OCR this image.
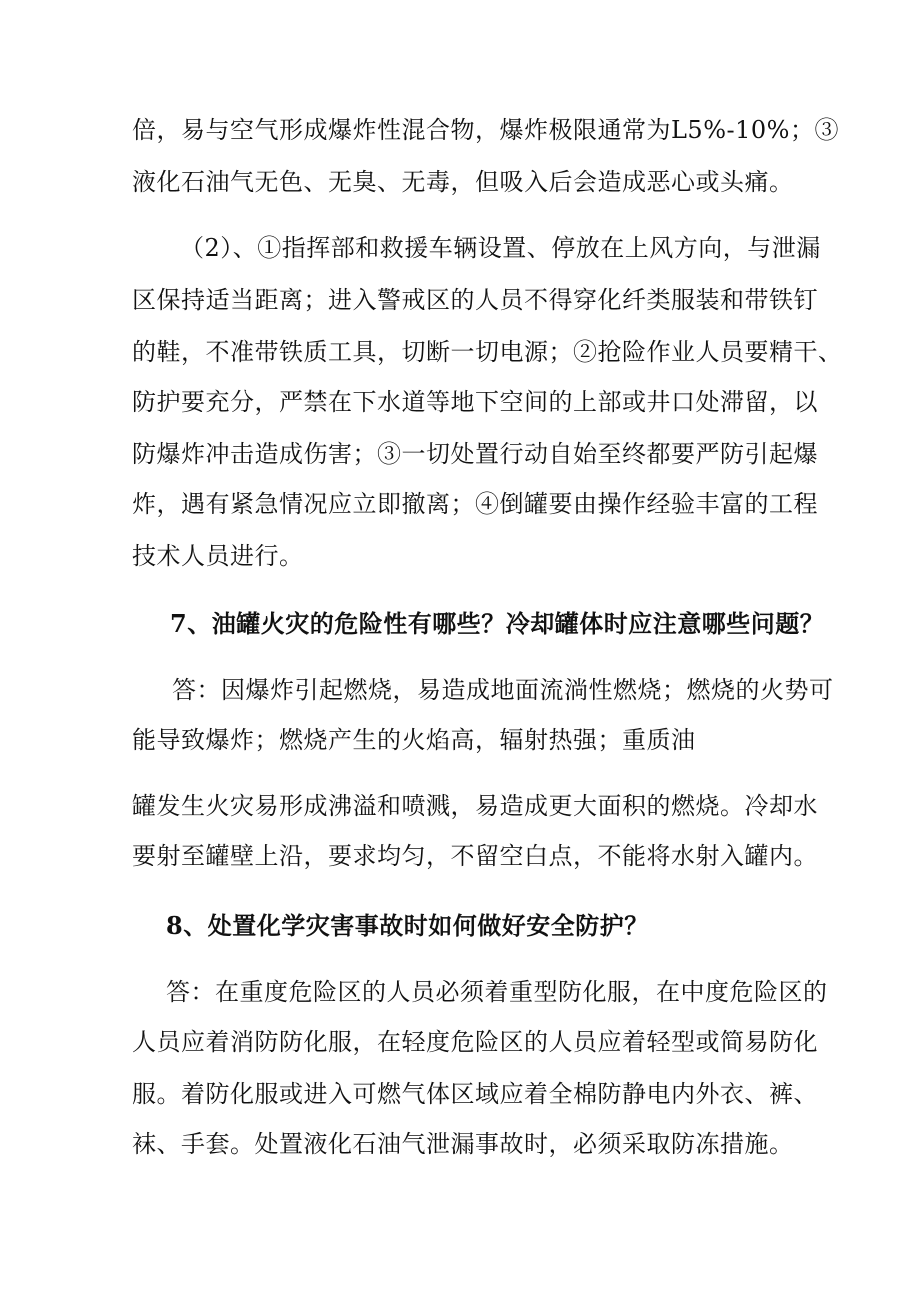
倍，易与空气形成爆炸性混合物，爆炸极限通常为L5%-10%；③
液化石油气无色、无臭、无毒，但吸入后会造成恶心或头痛。
（2）、①指挥部和救援车辆设置、停放在上风方向，与泄漏
区保持适当距离；进入警戒区的人员不得穿化纤类服装和带铁钉
的鞋，不准带铁质工具，切断一切电源；②抢险作业人员要精干、
防护要充分，严禁在下水道等地下空间的上部或井口处滞留，以
防爆炸冲击造成伤害；③一切处置行动自始至终都要严防引起爆
炸，遇有紧急情况应立即撤离；④倒罐要由操作经验丰富的工程
技术人员进行。
7、油罐火灾的危险性有哪些？冷却罐体时应注意哪些问题？
答：因爆炸引起燃烧，易造成地面流淌性燃烧；燃烧的火势可
能导致爆炸；燃烧产生的火焰高，辐射热强；重质油
罐发生火灾易形成沸溢和喷溅，易造成更大面积的燃烧。冷却水
要射至罐壁上沿，要求均匀，不留空白点，不能将水射入罐内。
8、处置化学灾害事故时如何做好安全防护？
答：在重度危险区的人员必须着重型防化服，在中度危险区的
人员应着消防防化服，在轻度危险区的人员应着轻型或简易防化
服。着防化服或进入可燃气体区域应着全棉防静电内外衣、裤、
袜、手套。处置液化石油气泄漏事故时，必须采取防冻措施。
